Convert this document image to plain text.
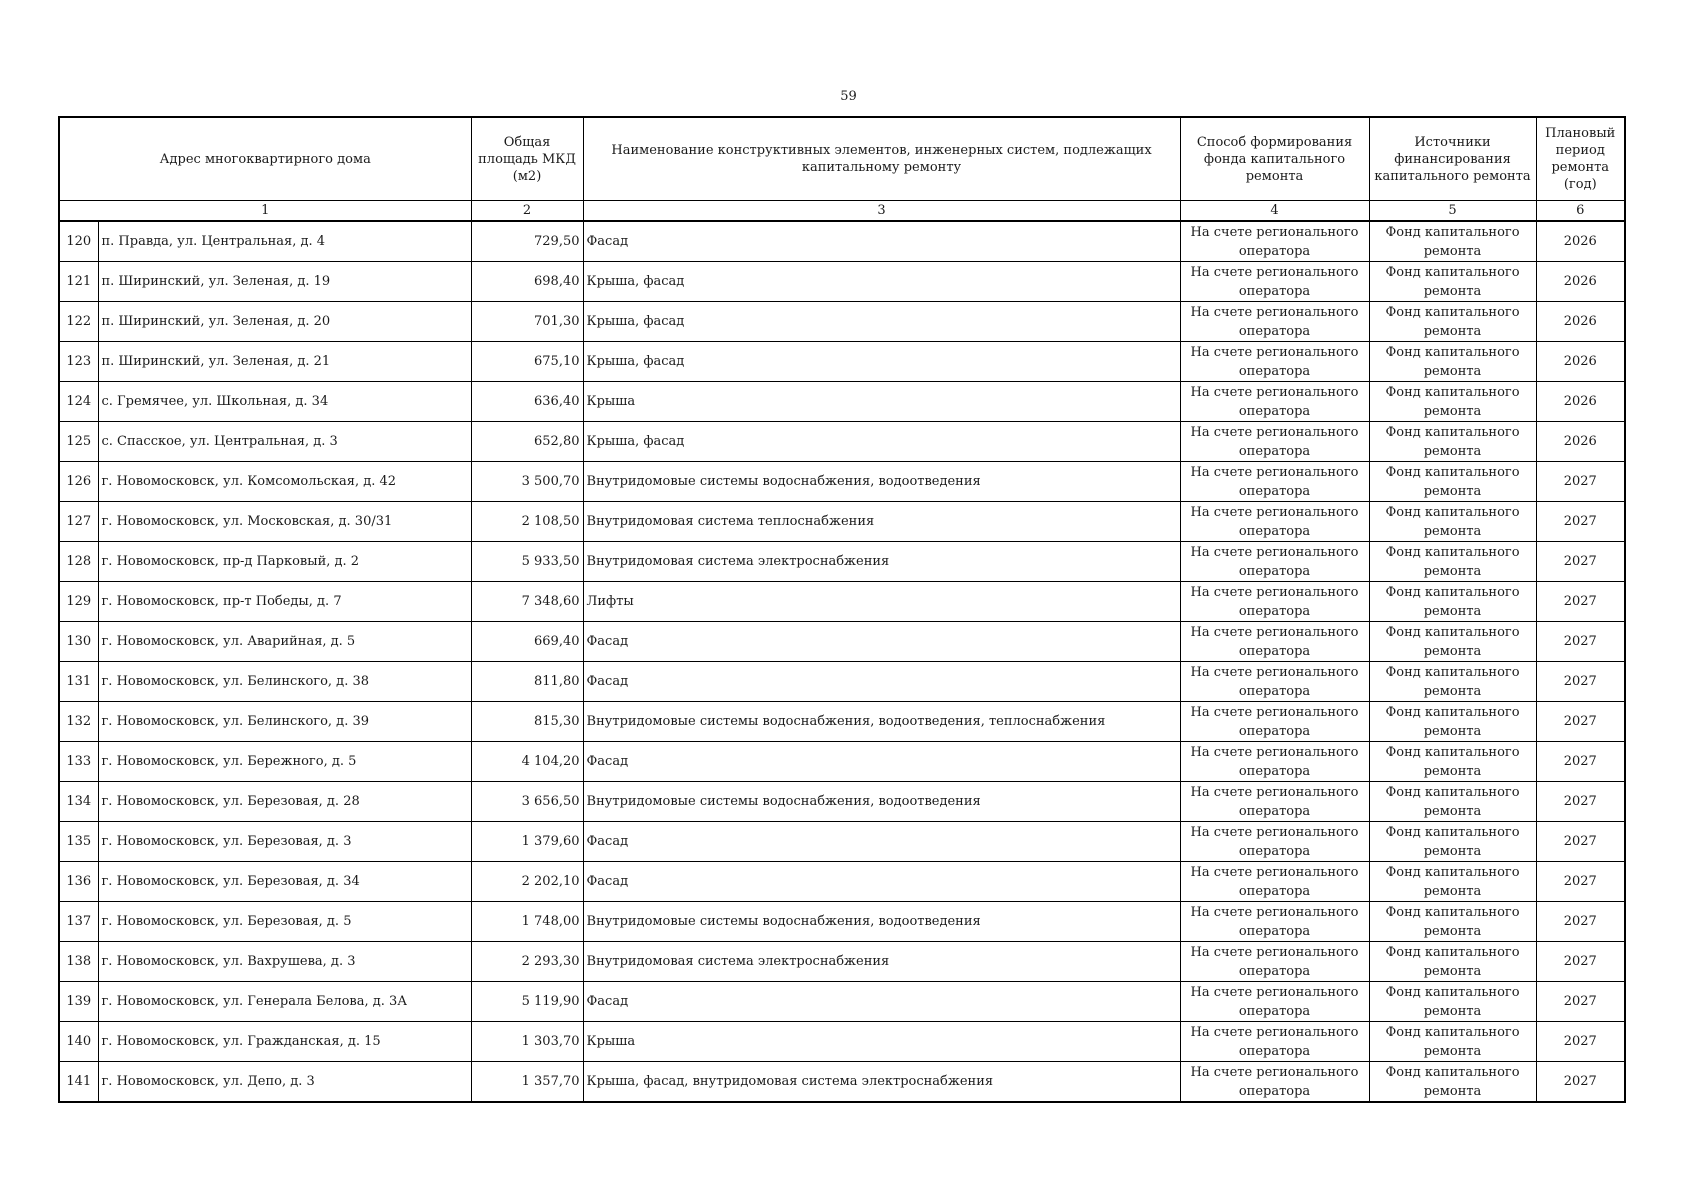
59
Адрес многоквартирного дома		Общая площадь МКД (м2)	Наименование конструктивных элементов, инженерных систем, подлежащих капитальному ремонту	Способ формирования фонда капитального ремонта	Источники финансирования капитального ремонта	Плановый период ремонта (год)
1		2	3	4	5	6
120	п. Правда, ул. Центральная, д. 4	729,50	Фасад	На счете регионального оператора	Фонд капитального ремонта	2026
121	п. Ширинский, ул. Зеленая, д. 19	698,40	Крыша, фасад	На счете регионального оператора	Фонд капитального ремонта	2026
122	п. Ширинский, ул. Зеленая, д. 20	701,30	Крыша, фасад	На счете регионального оператора	Фонд капитального ремонта	2026
123	п. Ширинский, ул. Зеленая, д. 21	675,10	Крыша, фасад	На счете регионального оператора	Фонд капитального ремонта	2026
124	с. Гремячее, ул. Школьная, д. 34	636,40	Крыша	На счете регионального оператора	Фонд капитального ремонта	2026
125	с. Спасское, ул. Центральная, д. 3	652,80	Крыша, фасад	На счете регионального оператора	Фонд капитального ремонта	2026
126	г. Новомосковск, ул. Комсомольская, д. 42	3 500,70	Внутридомовые системы водоснабжения, водоотведения	На счете регионального оператора	Фонд капитального ремонта	2027
127	г. Новомосковск, ул. Московская, д. 30/31	2 108,50	Внутридомовая система теплоснабжения	На счете регионального оператора	Фонд капитального ремонта	2027
128	г. Новомосковск, пр-д Парковый, д. 2	5 933,50	Внутридомовая система электроснабжения	На счете регионального оператора	Фонд капитального ремонта	2027
129	г. Новомосковск, пр-т Победы, д. 7	7 348,60	Лифты	На счете регионального оператора	Фонд капитального ремонта	2027
130	г. Новомосковск, ул. Аварийная, д. 5	669,40	Фасад	На счете регионального оператора	Фонд капитального ремонта	2027
131	г. Новомосковск, ул. Белинского, д. 38	811,80	Фасад	На счете регионального оператора	Фонд капитального ремонта	2027
132	г. Новомосковск, ул. Белинского, д. 39	815,30	Внутридомовые системы водоснабжения, водоотведения, теплоснабжения	На счете регионального оператора	Фонд капитального ремонта	2027
133	г. Новомосковск, ул. Бережного, д. 5	4 104,20	Фасад	На счете регионального оператора	Фонд капитального ремонта	2027
134	г. Новомосковск, ул. Березовая, д. 28	3 656,50	Внутридомовые системы водоснабжения, водоотведения	На счете регионального оператора	Фонд капитального ремонта	2027
135	г. Новомосковск, ул. Березовая, д. 3	1 379,60	Фасад	На счете регионального оператора	Фонд капитального ремонта	2027
136	г. Новомосковск, ул. Березовая, д. 34	2 202,10	Фасад	На счете регионального оператора	Фонд капитального ремонта	2027
137	г. Новомосковск, ул. Березовая, д. 5	1 748,00	Внутридомовые системы водоснабжения, водоотведения	На счете регионального оператора	Фонд капитального ремонта	2027
138	г. Новомосковск, ул. Вахрушева, д. 3	2 293,30	Внутридомовая система электроснабжения	На счете регионального оператора	Фонд капитального ремонта	2027
139	г. Новомосковск, ул. Генерала Белова, д. 3А	5 119,90	Фасад	На счете регионального оператора	Фонд капитального ремонта	2027
140	г. Новомосковск, ул. Гражданская, д. 15	1 303,70	Крыша	На счете регионального оператора	Фонд капитального ремонта	2027
141	г. Новомосковск, ул. Депо, д. 3	1 357,70	Крыша, фасад, внутридомовая система электроснабжения	На счете регионального оператора	Фонд капитального ремонта	2027
